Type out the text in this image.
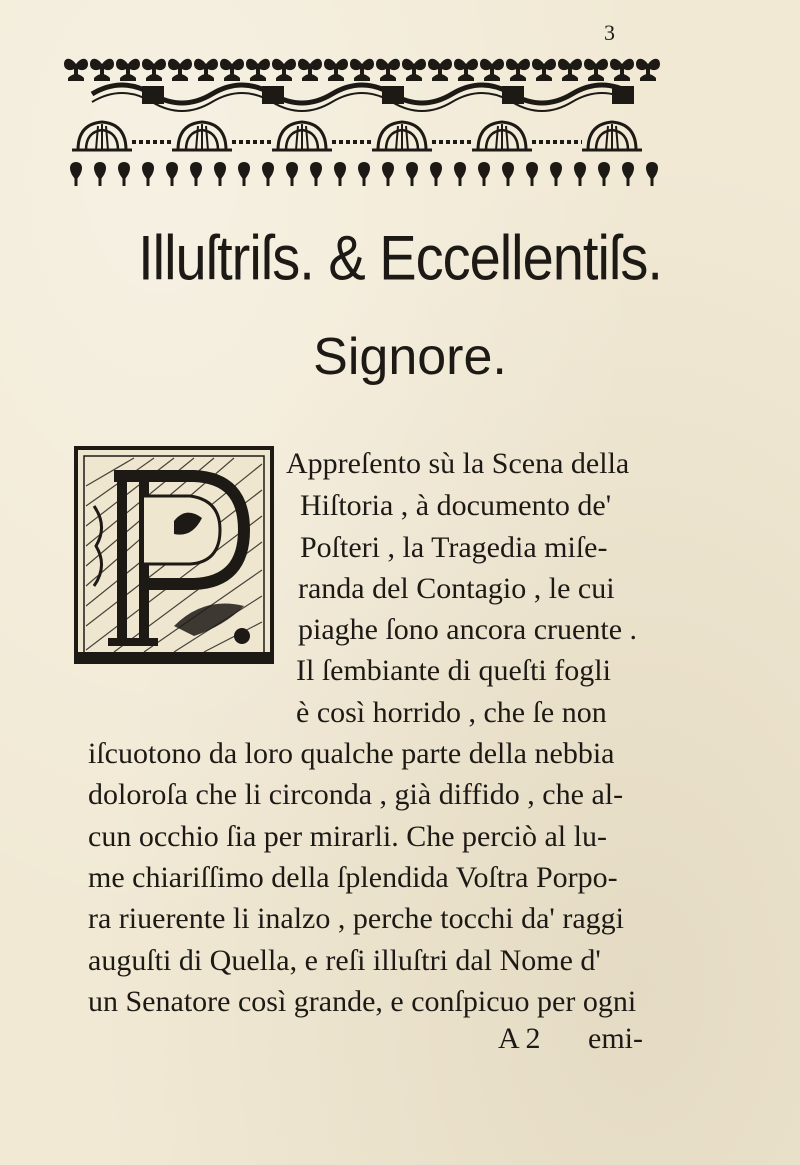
3
Illuſtriſs. & Eccellentiſs.
Signore.
Appreſento sù la Scena della
Hiſtoria , à documento de'
Poſteri , la Tragedia miſe-
randa del Contagio , le cui
piaghe ſono ancora cruente .
Il ſembiante di queſti fogli
è così horrido , che ſe non
iſcuotono da loro qualche parte della nebbia
doloroſa che li circonda , già diffido , che al-
cun occhio ſia per mirarli. Che perciò al lu-
me chiariſſimo della ſplendida Voſtra Porpo-
ra riuerente li inalzo , perche tocchi da' raggi
auguſti di Quella, e reſi illuſtri dal Nome d'
un Senatore così grande, e conſpicuo per ogni
A 2 emi-
